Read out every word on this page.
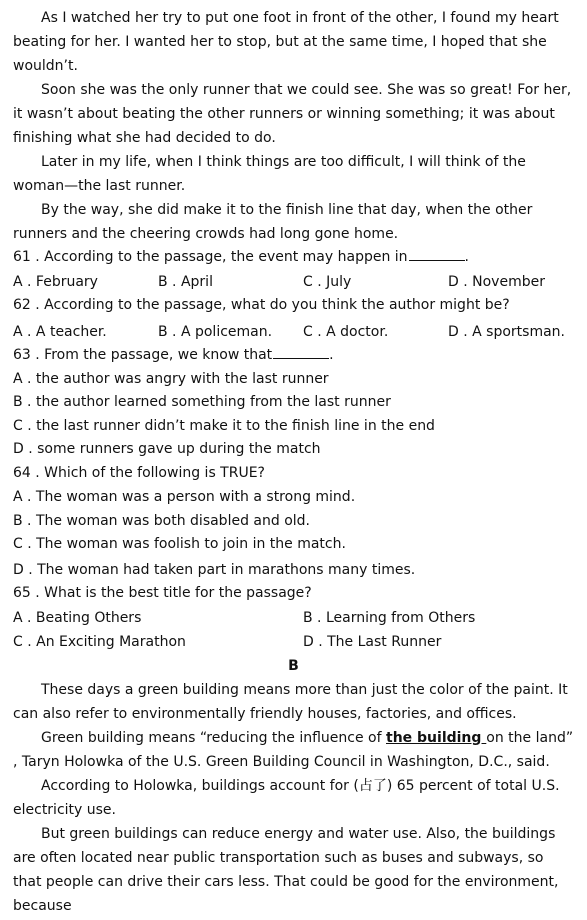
As I watched her try to put one foot in front of the other, I found my heart beating for her. I wanted her to stop, but at the same time, I hoped that she wouldn’t.

Soon she was the only runner that we could see. She was so great! For her, it wasn’t about beating the other runners or winning something; it was about finishing what she had decided to do.

Later in my life, when I think things are too difficult, I will think of the woman—the last runner.

By the way, she did make it to the finish line that day, when the other runners and the cheering crowds had long gone home.

61 . According to the passage, the event may happen in	.

A . February	B . April	C . July	D . November

62 . According to the passage, what do you think the author might be?

A . A teacher.	B . A policeman.	C . A doctor.	D . A sportsman.

63 . From the passage, we know that	.

A . the author was angry with the last runner

B . the author learned something from the last runner

C . the last runner didn’t make it to the finish line in the end

D . some runners gave up during the match

64 . Which of the following is TRUE?

A . The woman was a person with a strong mind.

B . The woman was both disabled and old.

C . The woman was foolish to join in the match.

D . The woman had taken part in marathons many times.

65 . What is the best title for the passage?

A . Beating Others	B . Learning from Others
C . An Exciting Marathon	D . The Last Runner

B

These days a green building means more than just the color of the paint. It can also refer to environmentally friendly houses, factories, and offices.

Green building means “reducing the influence of the building on the land” , Taryn Holowka of the U.S. Green Building Council in Washington, D.C., said.

According to Holowka, buildings account for (占了) 65 percent of total U.S. electricity use.

But green buildings can reduce energy and water use. Also, the buildings are often located near public transportation such as buses and subways, so that people can drive their cars less. That could be good for the environment, because
